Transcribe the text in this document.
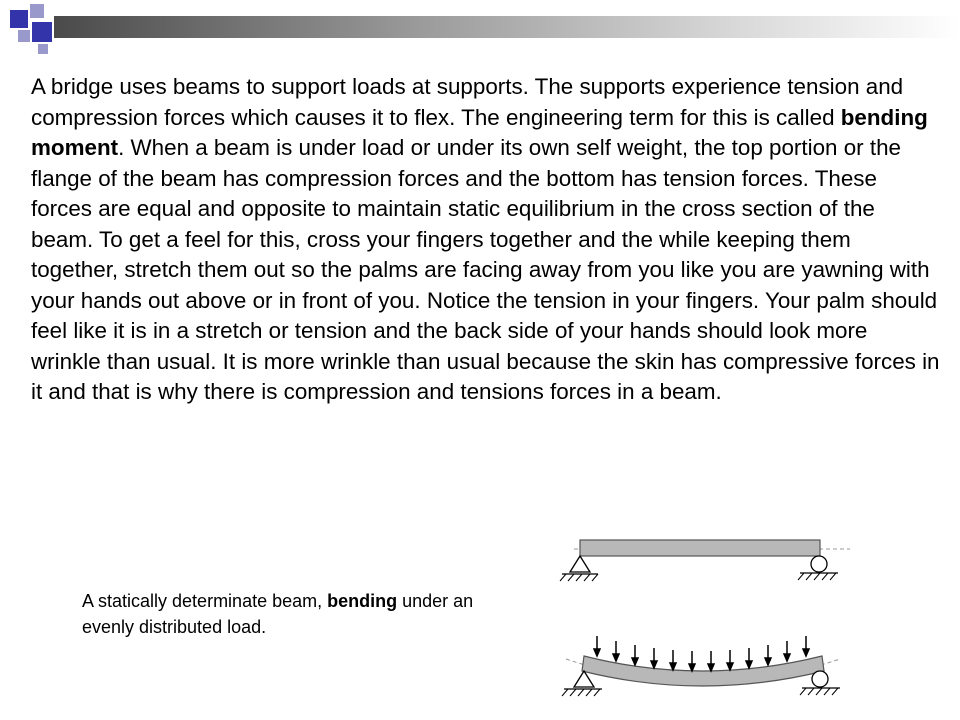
A bridge uses beams to support loads at supports. The supports experience tension and compression forces which causes it to flex. The engineering term for this is called bending moment. When a beam is under load or under its own self weight, the top portion or the flange of the beam has compression forces and the bottom has tension forces. These forces are equal and opposite to maintain static equilibrium in the cross section of the beam. To get a feel for this, cross your fingers together and the while keeping them together, stretch them out so the palms are facing away from you like you are yawning with your hands out above or in front of you. Notice the tension in your fingers. Your palm should feel like it is in a stretch or tension and the back side of your hands should look more wrinkle than usual. It is more wrinkle than usual because the skin has compressive forces in it and that is why there is compression and tensions forces in a beam.

A statically determinate beam, bending under an evenly distributed load.
